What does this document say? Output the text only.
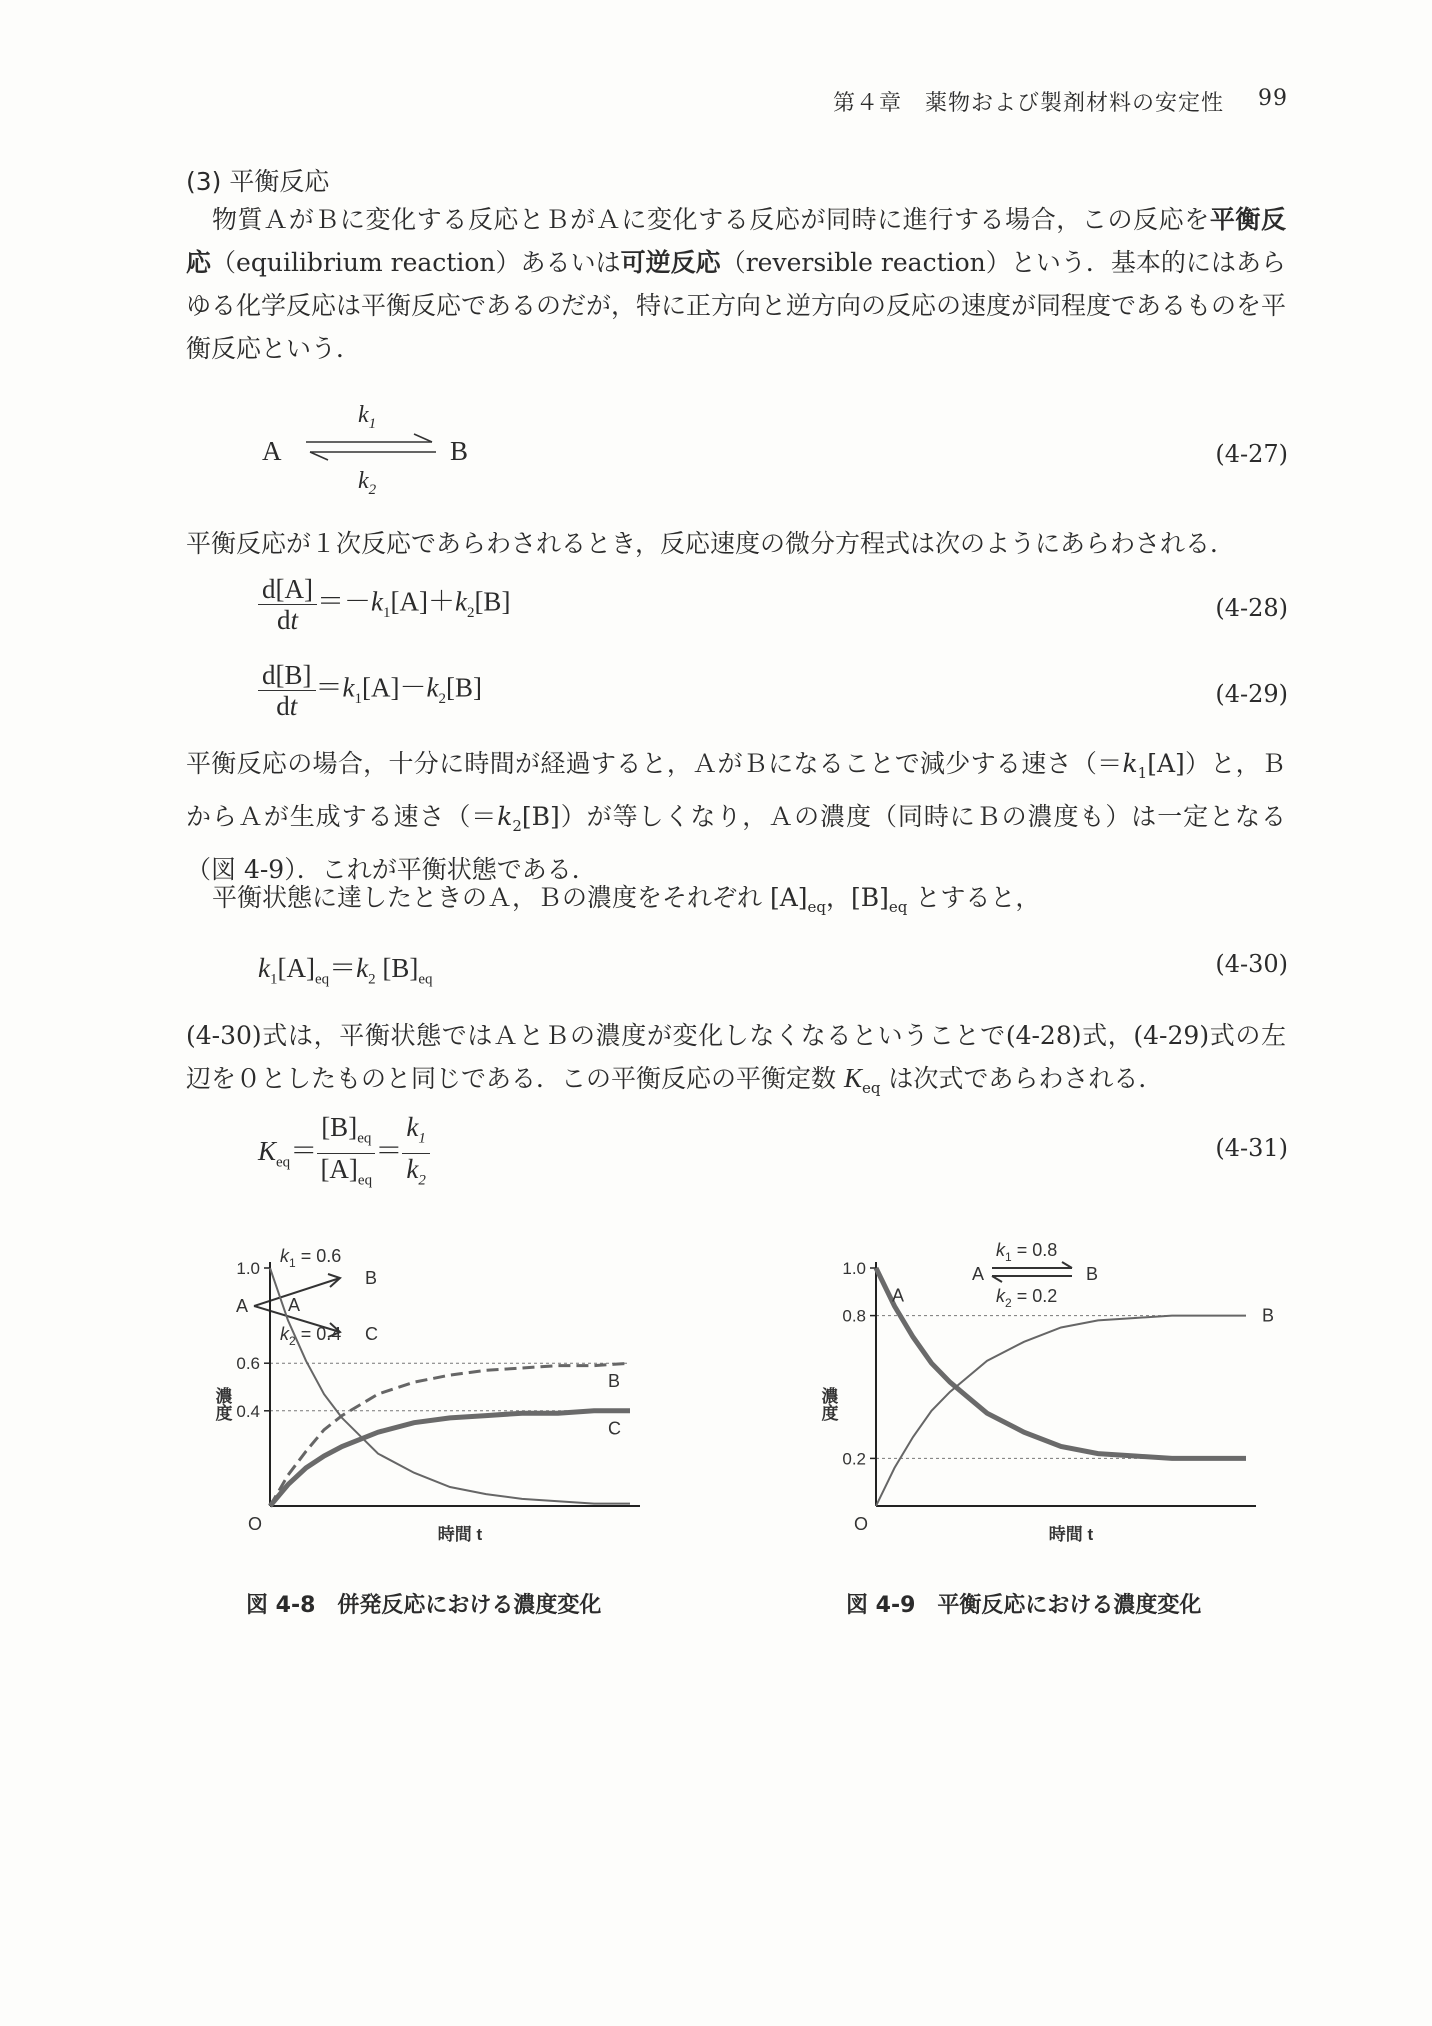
第４章　 薬物および製剤材料の安定性 99
(3) 平衡反応
物質ＡがＢに変化する反応とＢがＡに変化する反応が同時に進行する場合，この反応を平衡反応（equilibrium reaction）あるいは可逆反応（reversible reaction）という．基本的にはあらゆる化学反応は平衡反応であるのだが，特に正方向と逆方向の反応の速度が同程度であるものを平衡反応という．
A
$k_1$
$k_2$
B	(4-27)
平衡反応が１次反応であらわされるとき，反応速度の微分方程式は次のようにあらわされる．
$\frac{d[A]}{dt} =-k_1[A]+k_2[B]$	(4-28)
$\frac{d[B]}{dt} =k_1[A]-k_2[B]$	(4-29)
平衡反応の場合，十分に時間が経過すると，ＡがＢになることで減少する速さ$(=k_1[A])$と，ＢからＡが生成する速さ$(=k_2[B])$が等しくなり，Ａの濃度（同時にＢの濃度も）は一定となる（図 4-9）．これが平衡状態である．
平衡状態に達したときのＡ，Ｂの濃度をそれぞれ $[A]_{eq}$，$[B]_{eq}$ とすると，
$k_1[A]_{eq}=k_2$ $[B]_{eq}$
(4-30)
(4-30)式は，平衡状態ではＡとＢの濃度が変化しなくなるということで(4-28)式，(4-29)式の左辺を０としたものと同じである．この平衡反応の平衡定数 $K_{eq}$ は次式であらわされる．
$K_{eq}= \frac{[B]_{eq}}{[A]_{eq}} = \frac{k_1}{k_2}$	(4-31)
$k_1 = 0.6$
$k_2 = 0.4$
A
B
C
0.4
0.6
1.0
O
濃度
時間 t
A
B
C
図 4-8　併発反応における濃度変化
$k_1 = 0.8$
A	B
$k_2 = 0.2$
0.2
0.8
1.0
O
濃度
時間 t
A
B
図 4-9　平衡反応における濃度変化
